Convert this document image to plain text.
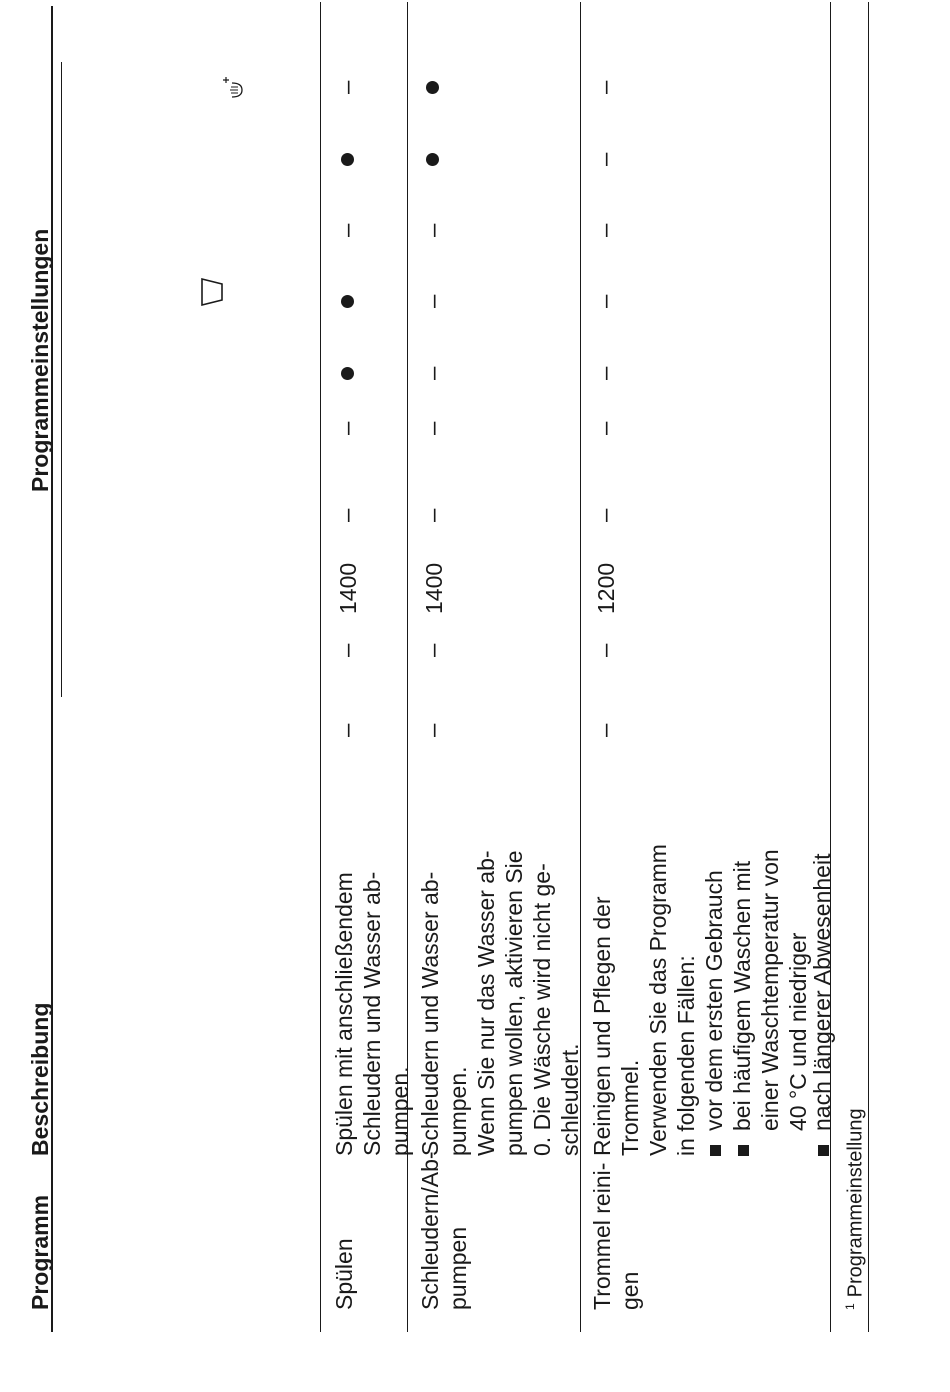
Programm
Beschreibung
Programmeinstellungen
Spülen
Spülen mit anschließendem Schleudern und Wasser ab- pumpen.
–
–
1400
–
–
–
–
Schleudern/Ab- pumpen
Schleudern und Wasser ab- pumpen. Wenn Sie nur das Wasser ab- pumpen wollen, aktivieren Sie 0. Die Wäsche wird nicht ge- schleudert.
–
–
1400
–
–
–
–
–
Trommel reini- gen
Reinigen und Pflegen der Trommel. Verwenden Sie das Programm in folgenden Fällen: vor dem ersten Gebrauch bei häufigem Waschen mit einer Waschtemperatur von 40 °C und niedriger
nach längerer Abwesenheit
–
–
1200
–
–
–
–
–
–
–
$^1$Programmeinstellung
